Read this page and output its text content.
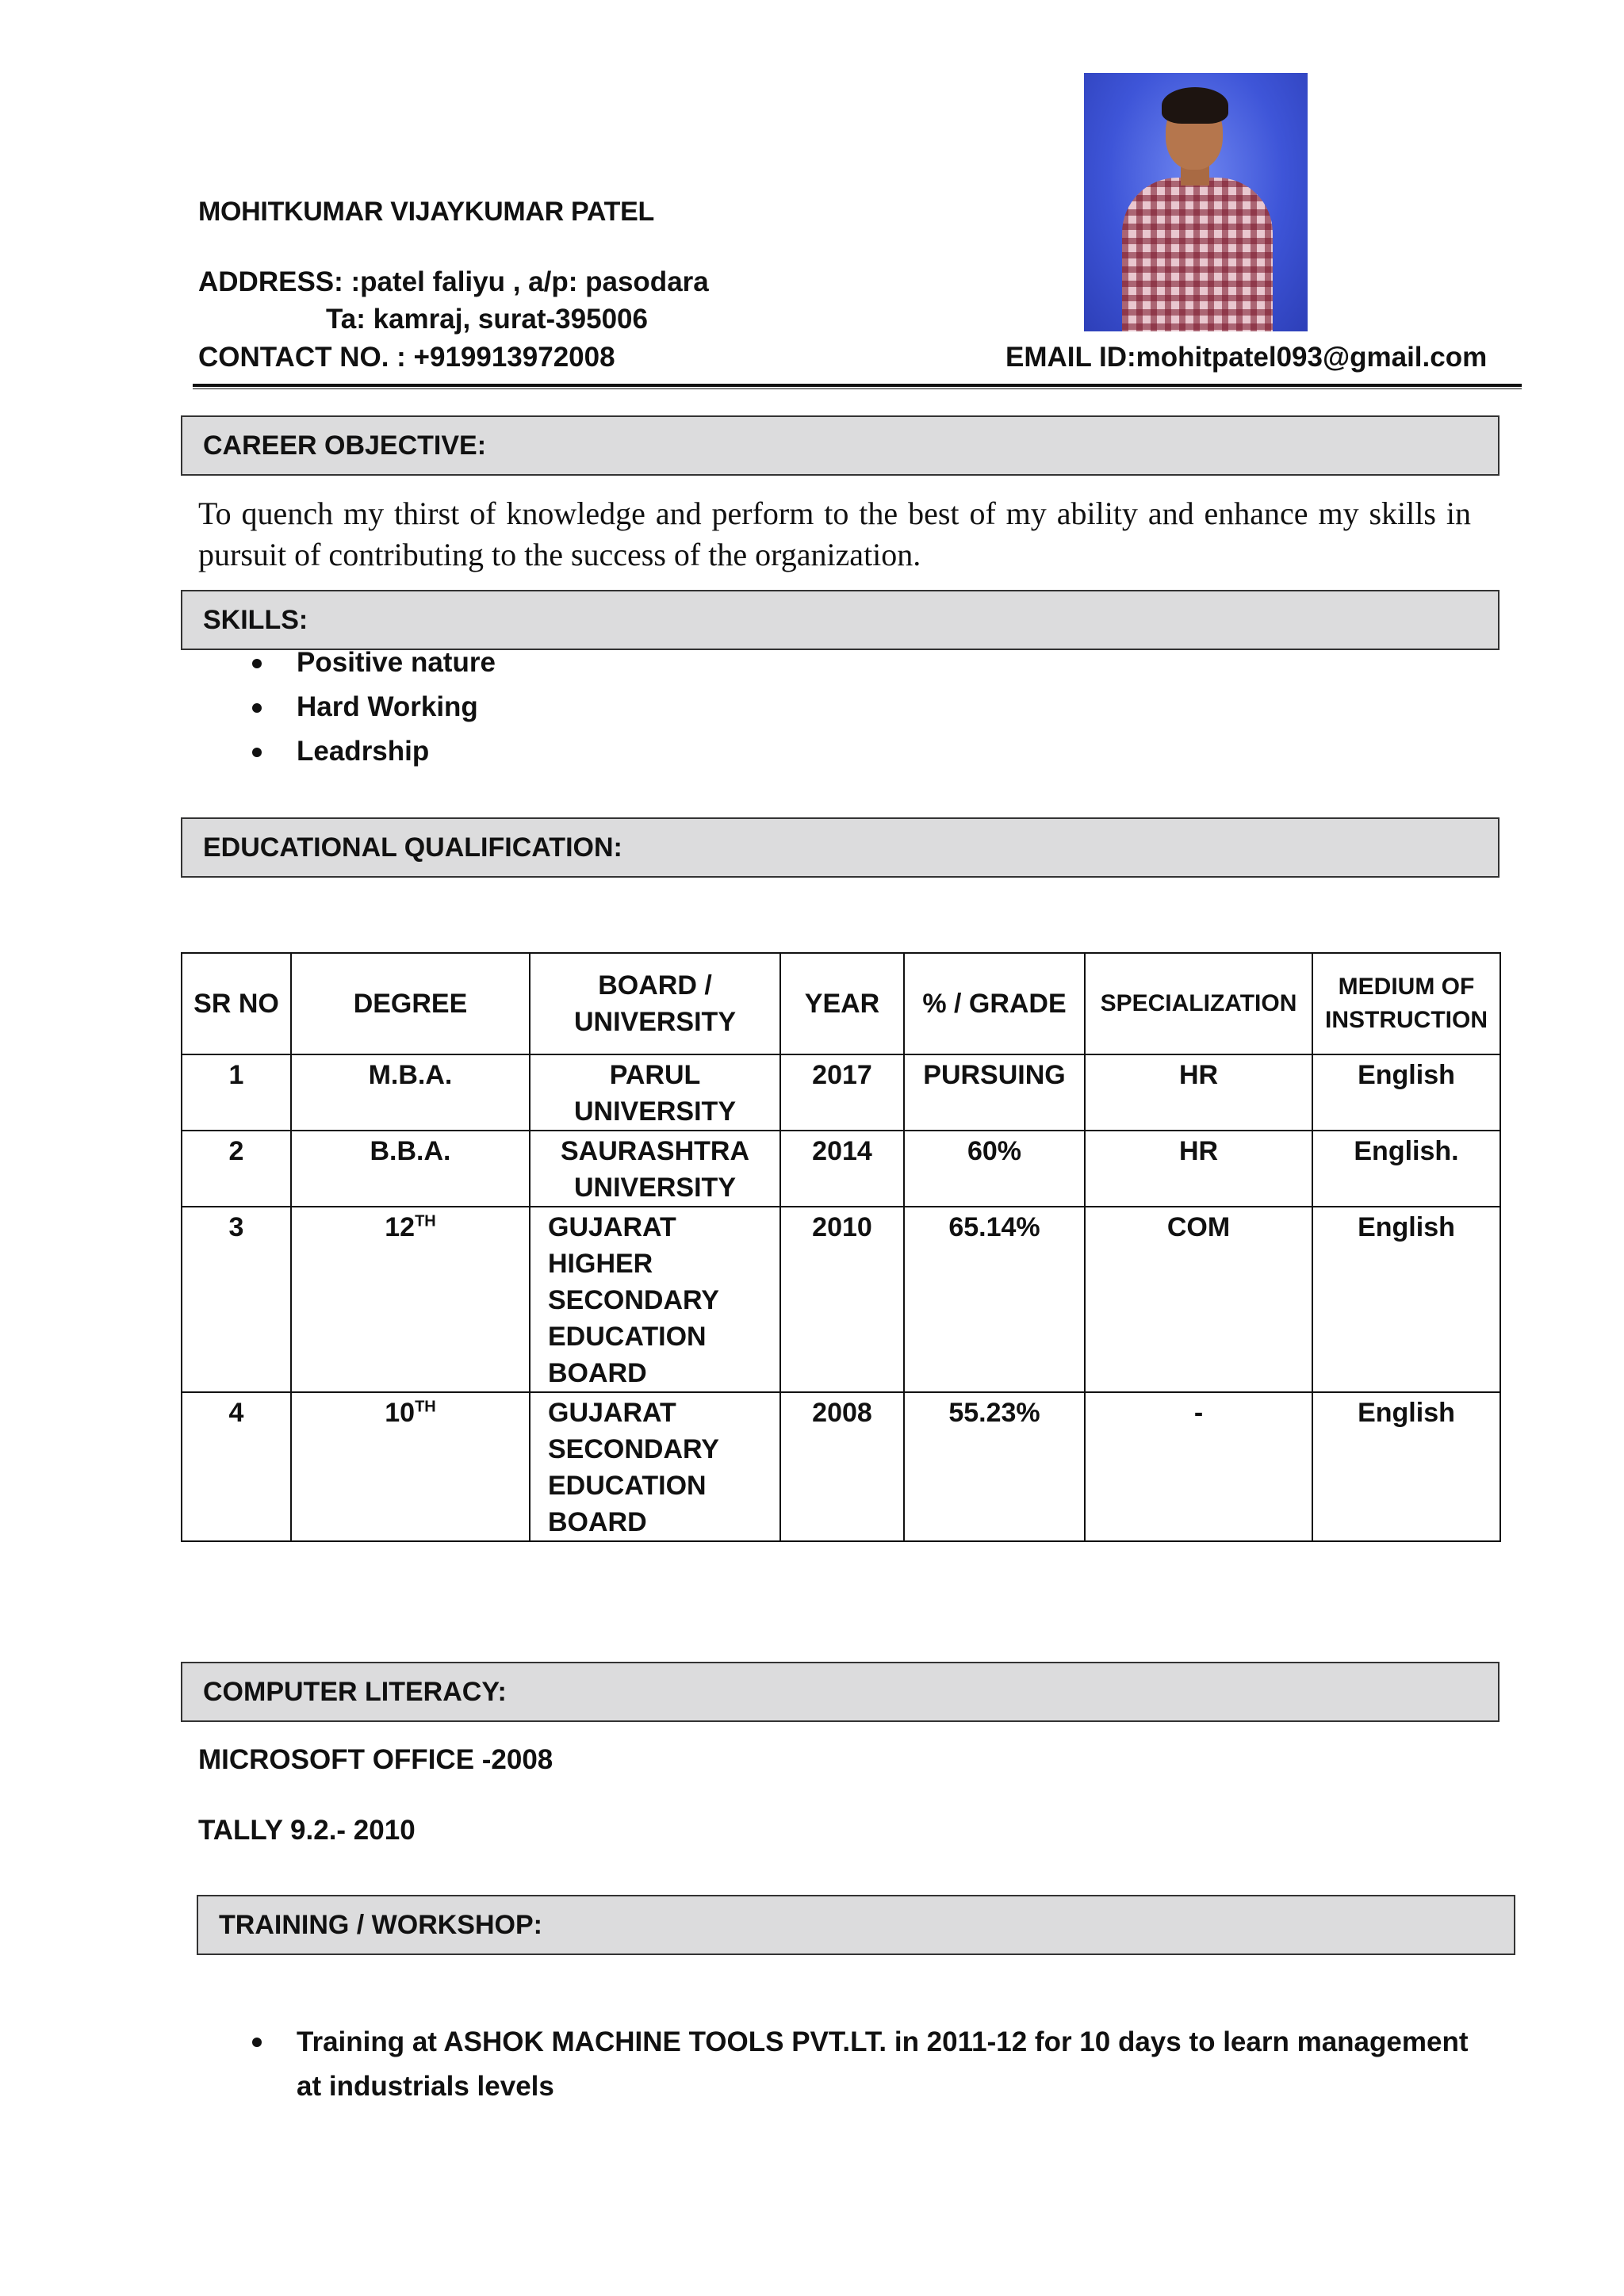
MOHITKUMAR VIJAYKUMAR PATEL
ADDRESS: :patel faliyu , a/p: pasodara
Ta: kamraj, surat-395006
CONTACT NO. : +919913972008	EMAIL ID:mohitpatel093@gmail.com
CAREER OBJECTIVE:
To quench my thirst of knowledge and perform to the best of my ability and enhance my skills in pursuit of contributing to the success of the organization.
SKILLS:
Positive nature
Hard Working
Leadrship
EDUCATIONAL QUALIFICATION:
SR NO	DEGREE	BOARD / UNIVERSITY	YEAR	% / GRADE	SPECIALIZATION	MEDIUM OF INSTRUCTION
1	M.B.A.	PARUL UNIVERSITY	2017	PURSUING	HR	English
2	B.B.A.	SAURASHTRA UNIVERSITY	2014	60%	HR	English.
3	12TH	GUJARAT HIGHER SECONDARY EDUCATION BOARD	2010	65.14%	COM	English
4	10TH	GUJARAT SECONDARY EDUCATION BOARD	2008	55.23%	-	English
COMPUTER LITERACY:
MICROSOFT OFFICE -2008
TALLY 9.2.- 2010
TRAINING / WORKSHOP:
Training at ASHOK MACHINE TOOLS PVT.LT. in 2011-12 for 10 days to learn management at industrials levels
